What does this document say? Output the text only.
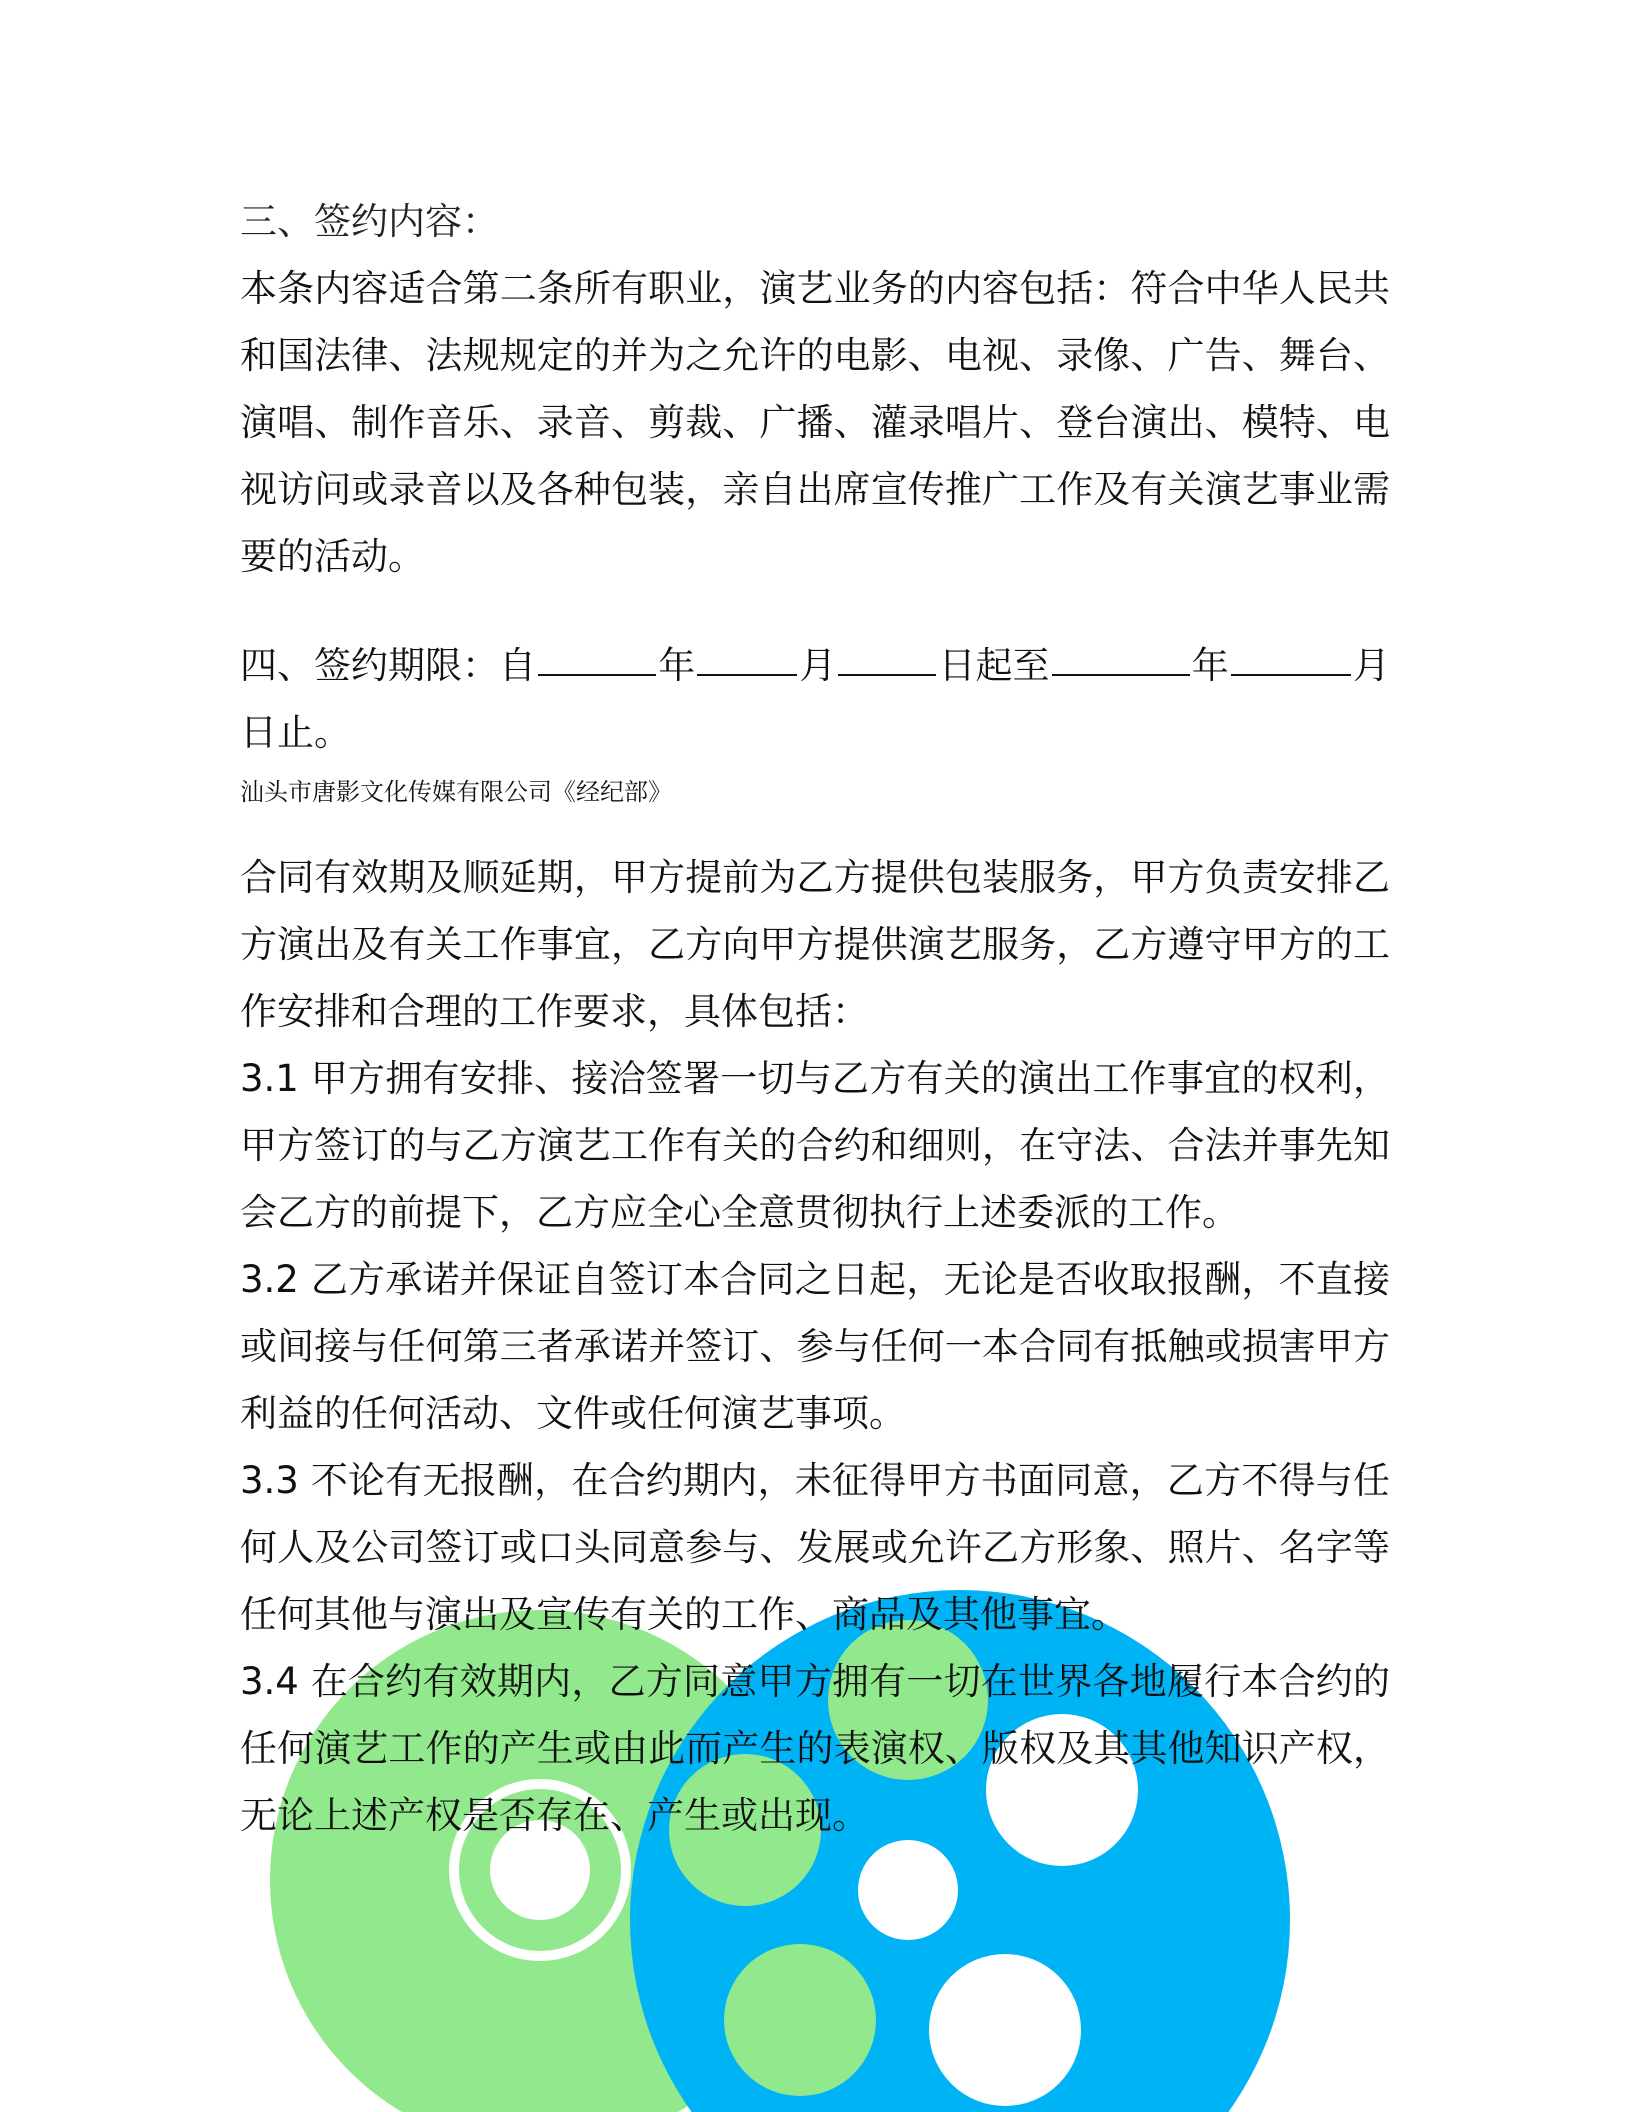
三、签约内容：

本条内容适合第二条所有职业，演艺业务的内容包括：符合中华人民共和国法律、法规规定的并为之允许的电影、电视、录像、广告、舞台、演唱、制作音乐、录音、剪裁、广播、灌录唱片、登台演出、模特、电视访问或录音以及各种包装，亲自出席宣传推广工作及有关演艺事业需要的活动。

四、签约期限：自	年	月	日起至	年	月

日止。

汕头市唐影文化传媒有限公司《经纪部》

合同有效期及顺延期，甲方提前为乙方提供包装服务，甲方负责安排乙方演出及有关工作事宜，乙方向甲方提供演艺服务，乙方遵守甲方的工作安排和合理的工作要求，具体包括：

3.1 甲方拥有安排、接洽签署一切与乙方有关的演出工作事宜的权利，甲方签订的与乙方演艺工作有关的合约和细则，在守法、合法并事先知会乙方的前提下，乙方应全心全意贯彻执行上述委派的工作。

3.2 乙方承诺并保证自签订本合同之日起，无论是否收取报酬，不直接或间接与任何第三者承诺并签订、参与任何一本合同有抵触或损害甲方利益的任何活动、文件或任何演艺事项。

3.3 不论有无报酬，在合约期内，未征得甲方书面同意，乙方不得与任何人及公司签订或口头同意参与、发展或允许乙方形象、照片、名字等任何其他与演出及宣传有关的工作、商品及其他事宜。

3.4 在合约有效期内，乙方同意甲方拥有一切在世界各地履行本合约的任何演艺工作的产生或由此而产生的表演权、版权及其其他知识产权，无论上述产权是否存在、产生或出现。
